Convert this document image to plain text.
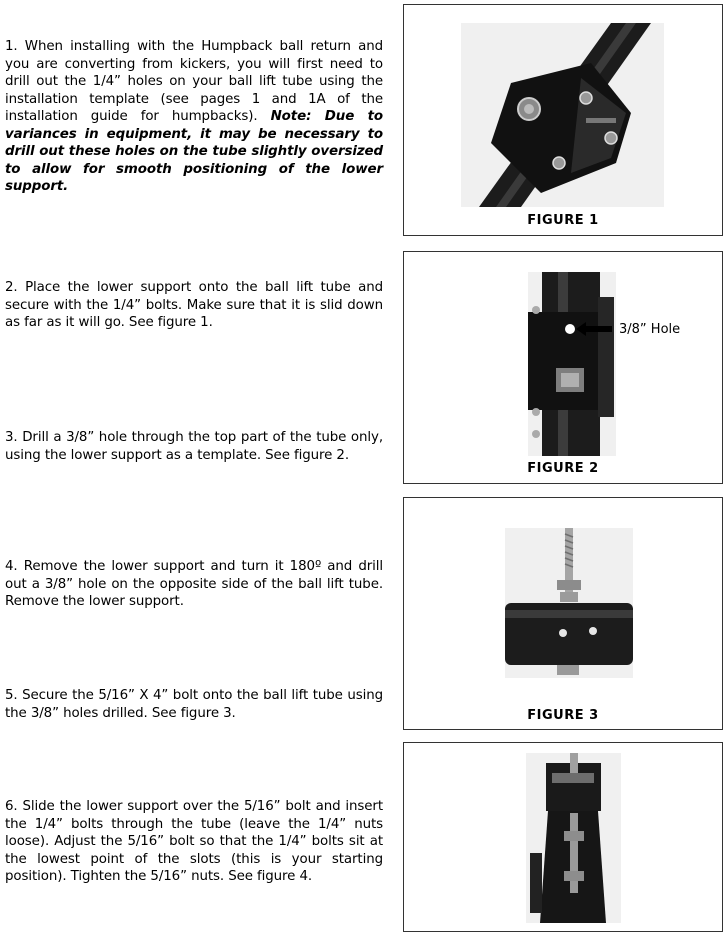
1. When installing with the Humpback ball return and you are converting from kickers, you will first need to drill out the 1/4” holes on your ball lift tube using the installation template (see pages 1 and 1A of the installation guide for humpbacks). Note: Due to variances in equipment, it may be necessary to drill out these holes on the tube slightly oversized to allow for smooth positioning of the lower support.
2. Place the lower support onto the ball lift tube and secure with the 1/4” bolts. Make sure that it is slid down as far as it will go. See figure 1.
3. Drill a 3/8” hole through the top part of the tube only, using the lower support as a template. See figure 2.
4. Remove the lower support and turn it 180º and drill out a 3/8” hole on the opposite side of the ball lift tube. Remove the lower support.
5. Secure the 5/16” X 4” bolt onto the ball lift tube using the 3/8” holes drilled. See figure 3.
6. Slide the lower support over the 5/16” bolt and insert the 1/4” bolts through the tube (leave the 1/4” nuts loose). Adjust the 5/16” bolt so that the 1/4” bolts sit at the lowest point of the slots (this is your starting position). Tighten the 5/16” nuts. See figure 4.
FIGURE 1
3/8” Hole
FIGURE 2
FIGURE 3
